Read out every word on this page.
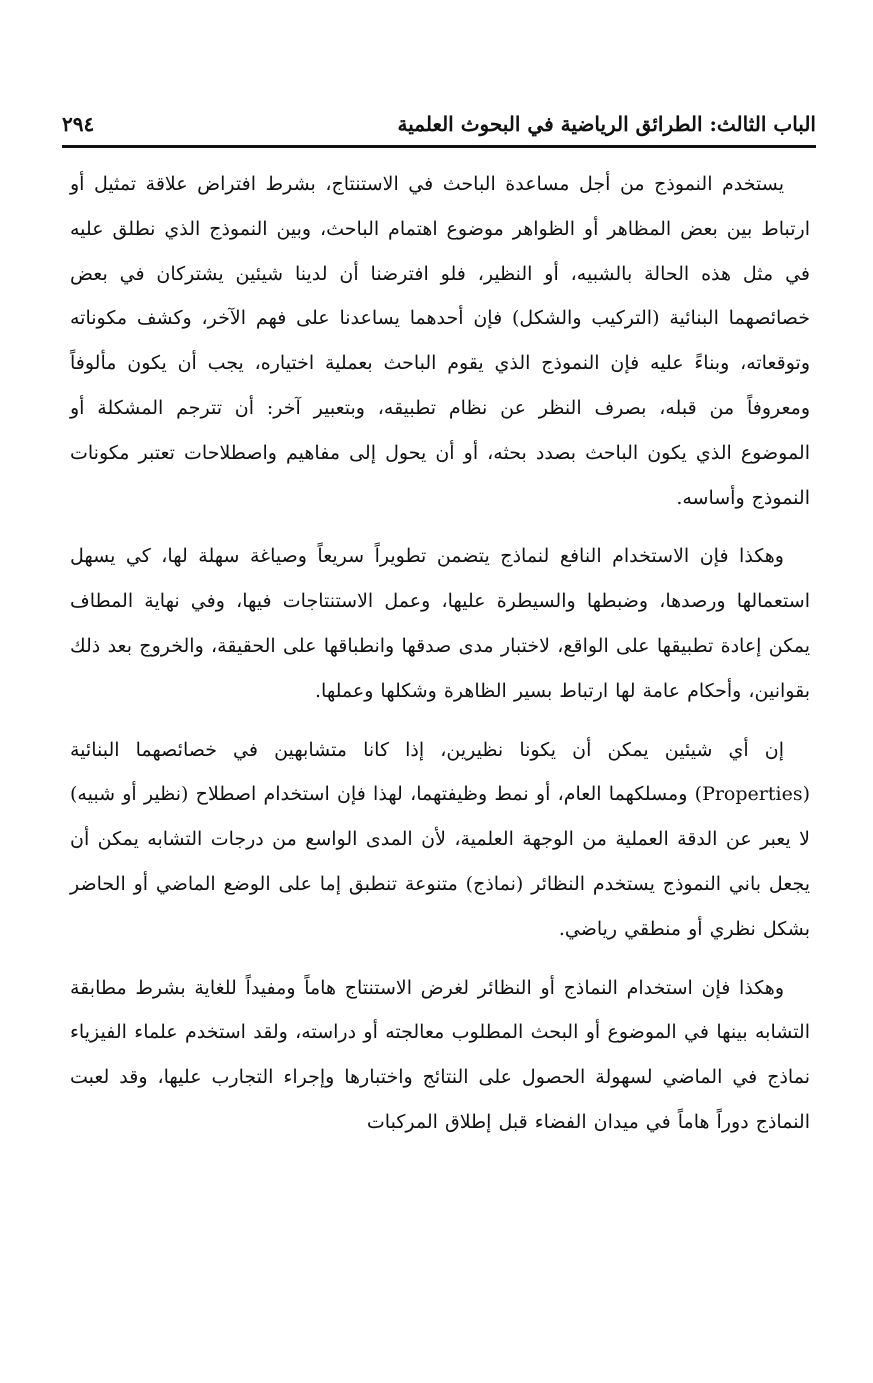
الباب الثالث: الطرائق الرياضية في البحوث العلمية
٢٩٤

يستخدم النموذج من أجل مساعدة الباحث في الاستنتاج، بشرط افتراض علاقة تمثيل أو ارتباط بين بعض المظاهر أو الظواهر موضوع اهتمام الباحث، وبين النموذج الذي نطلق عليه في مثل هذه الحالة بالشبيه، أو النظير، فلو افترضنا أن لدينا شيئين يشتركان في بعض خصائصهما البنائية (التركيب والشكل) فإن أحدهما يساعدنا على فهم الآخر، وكشف مكوناته وتوقعاته، وبناءً عليه فإن النموذج الذي يقوم الباحث بعملية اختياره، يجب أن يكون مألوفاً ومعروفاً من قبله، بصرف النظر عن نظام تطبيقه، وبتعبير آخر: أن تترجم المشكلة أو الموضوع الذي يكون الباحث بصدد بحثه، أو أن يحول إلى مفاهيم واصطلاحات تعتبر مكونات النموذج وأساسه.

وهكذا فإن الاستخدام النافع لنماذج يتضمن تطويراً سريعاً وصياغة سهلة لها، كي يسهل استعمالها ورصدها، وضبطها والسيطرة عليها، وعمل الاستنتاجات فيها، وفي نهاية المطاف يمكن إعادة تطبيقها على الواقع، لاختبار مدى صدقها وانطباقها على الحقيقة، والخروج بعد ذلك بقوانين، وأحكام عامة لها ارتباط بسير الظاهرة وشكلها وعملها.

إن أي شيئين يمكن أن يكونا نظيرين، إذا كانا متشابهين في خصائصهما البنائية (Properties) ومسلكهما العام، أو نمط وظيفتهما، لهذا فإن استخدام اصطلاح (نظير أو شبيه) لا يعبر عن الدقة العملية من الوجهة العلمية، لأن المدى الواسع من درجات التشابه يمكن أن يجعل باني النموذج يستخدم النظائر (نماذج) متنوعة تنطبق إما على الوضع الماضي أو الحاضر بشكل نظري أو منطقي رياضي.

وهكذا فإن استخدام النماذج أو النظائر لغرض الاستنتاج هاماً ومفيداً للغاية بشرط مطابقة التشابه بينها في الموضوع أو البحث المطلوب معالجته أو دراسته، ولقد استخدم علماء الفيزياء نماذج في الماضي لسهولة الحصول على النتائج واختبارها وإجراء التجارب عليها، وقد لعبت النماذج دوراً هاماً في ميدان الفضاء قبل إطلاق المركبات
